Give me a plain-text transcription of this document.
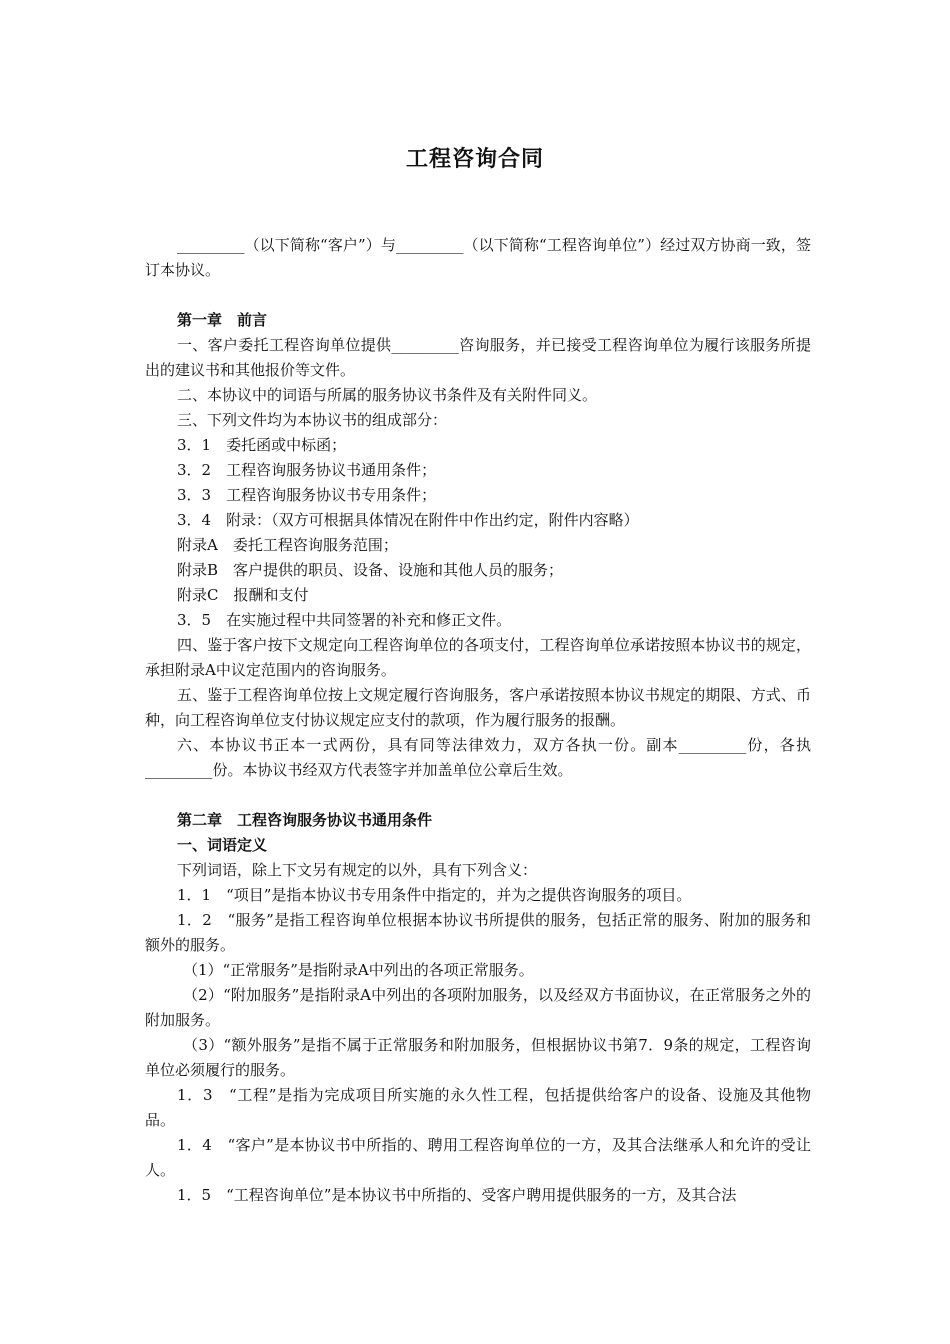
工程咨询合同

_________（以下简称“客户”）与_________（以下简称“工程咨询单位”）经过双方协商一致，签订本协议。

第一章　前言

一、客户委托工程咨询单位提供_________咨询服务，并已接受工程咨询单位为履行该服务所提出的建议书和其他报价等文件。

二、本协议中的词语与所属的服务协议书条件及有关附件同义。

三、下列文件均为本协议书的组成部分：

3．1　委托函或中标函；

3．2　工程咨询服务协议书通用条件；

3．3　工程咨询服务协议书专用条件；

3．4　附录：（双方可根据具体情况在附件中作出约定，附件内容略）

附录A　委托工程咨询服务范围；

附录B　客户提供的职员、设备、设施和其他人员的服务；

附录C　报酬和支付

3．5　在实施过程中共同签署的补充和修正文件。

四、鉴于客户按下文规定向工程咨询单位的各项支付，工程咨询单位承诺按照本协议书的规定，承担附录A中议定范围内的咨询服务。

五、鉴于工程咨询单位按上文规定履行咨询服务，客户承诺按照本协议书规定的期限、方式、币种，向工程咨询单位支付协议规定应支付的款项，作为履行服务的报酬。

六、本协议书正本一式两份，具有同等法律效力，双方各执一份。副本_________份，各执_________份。本协议书经双方代表签字并加盖单位公章后生效。

第二章　工程咨询服务协议书通用条件

一、词语定义

下列词语，除上下文另有规定的以外，具有下列含义：

1．1　“项目”是指本协议书专用条件中指定的，并为之提供咨询服务的项目。

1．2　“服务”是指工程咨询单位根据本协议书所提供的服务，包括正常的服务、附加的服务和额外的服务。

（1）“正常服务”是指附录A中列出的各项正常服务。

（2）“附加服务”是指附录A中列出的各项附加服务，以及经双方书面协议，在正常服务之外的附加服务。

（3）“额外服务”是指不属于正常服务和附加服务，但根据协议书第7．9条的规定，工程咨询单位必须履行的服务。

1．3　“工程”是指为完成项目所实施的永久性工程，包括提供给客户的设备、设施及其他物品。

1．4　“客户”是本协议书中所指的、聘用工程咨询单位的一方，及其合法继承人和允许的受让人。

1．5　“工程咨询单位”是本协议书中所指的、受客户聘用提供服务的一方，及其合法
